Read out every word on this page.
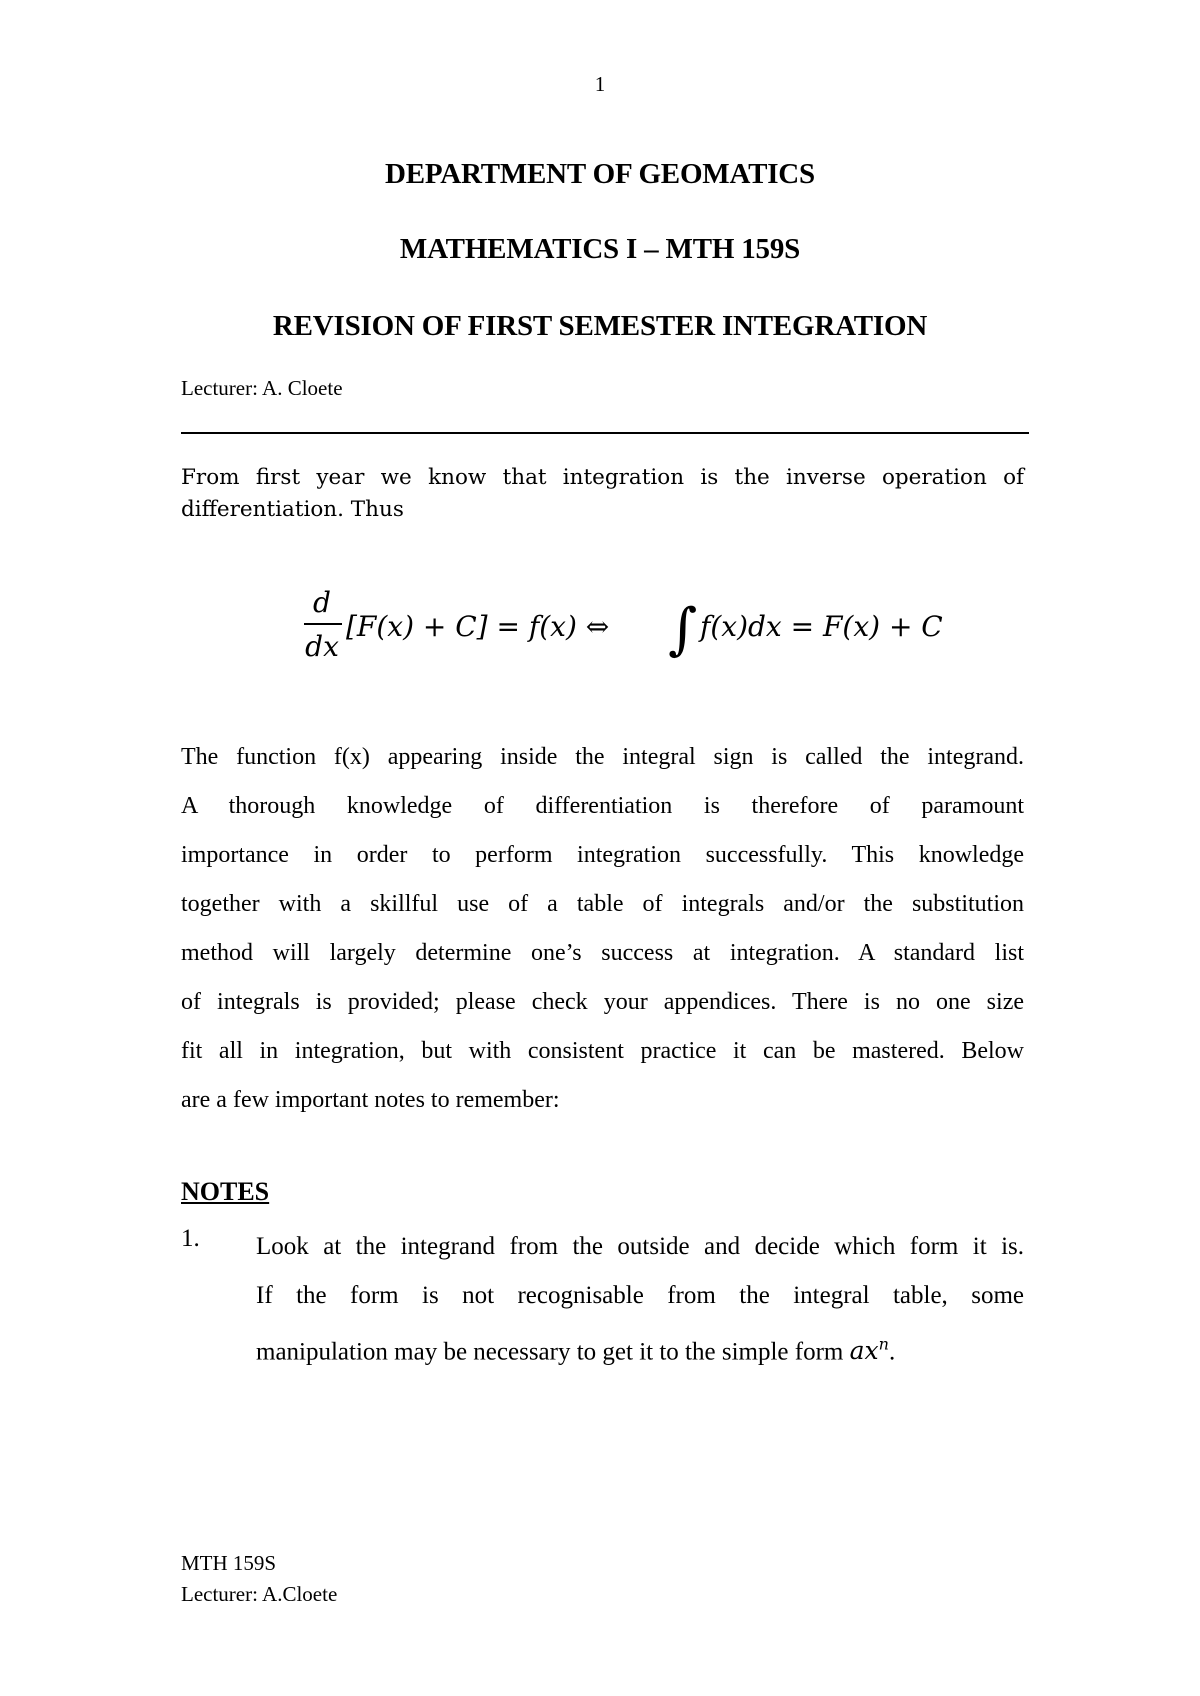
1
DEPARTMENT OF GEOMATICS
MATHEMATICS I – MTH 159S
REVISION OF FIRST SEMESTER INTEGRATION
Lecturer: A. Cloete
From first year we know that integration is the inverse operation of differentiation. Thus
d
dx
[F(x) + C] = f(x) ⇔ ∫ f(x)dx = F(x) + C
The function f(x) appearing inside the integral sign is called the integrand.
A thorough knowledge of differentiation is therefore of paramount
importance in order to perform integration successfully. This knowledge
together with a skillful use of a table of integrals and/or the substitution
method will largely determine one’s success at integration. A standard list
of integrals is provided; please check your appendices. There is no one size
fit all in integration, but with consistent practice it can be mastered. Below
are a few important notes to remember:
NOTES
1. Look at the integrand from the outside and decide which form it is.
If the form is not recognisable from the integral table, some
manipulation may be necessary to get it to the simple form $ax^n$.
MTH 159S
Lecturer: A.Cloete
